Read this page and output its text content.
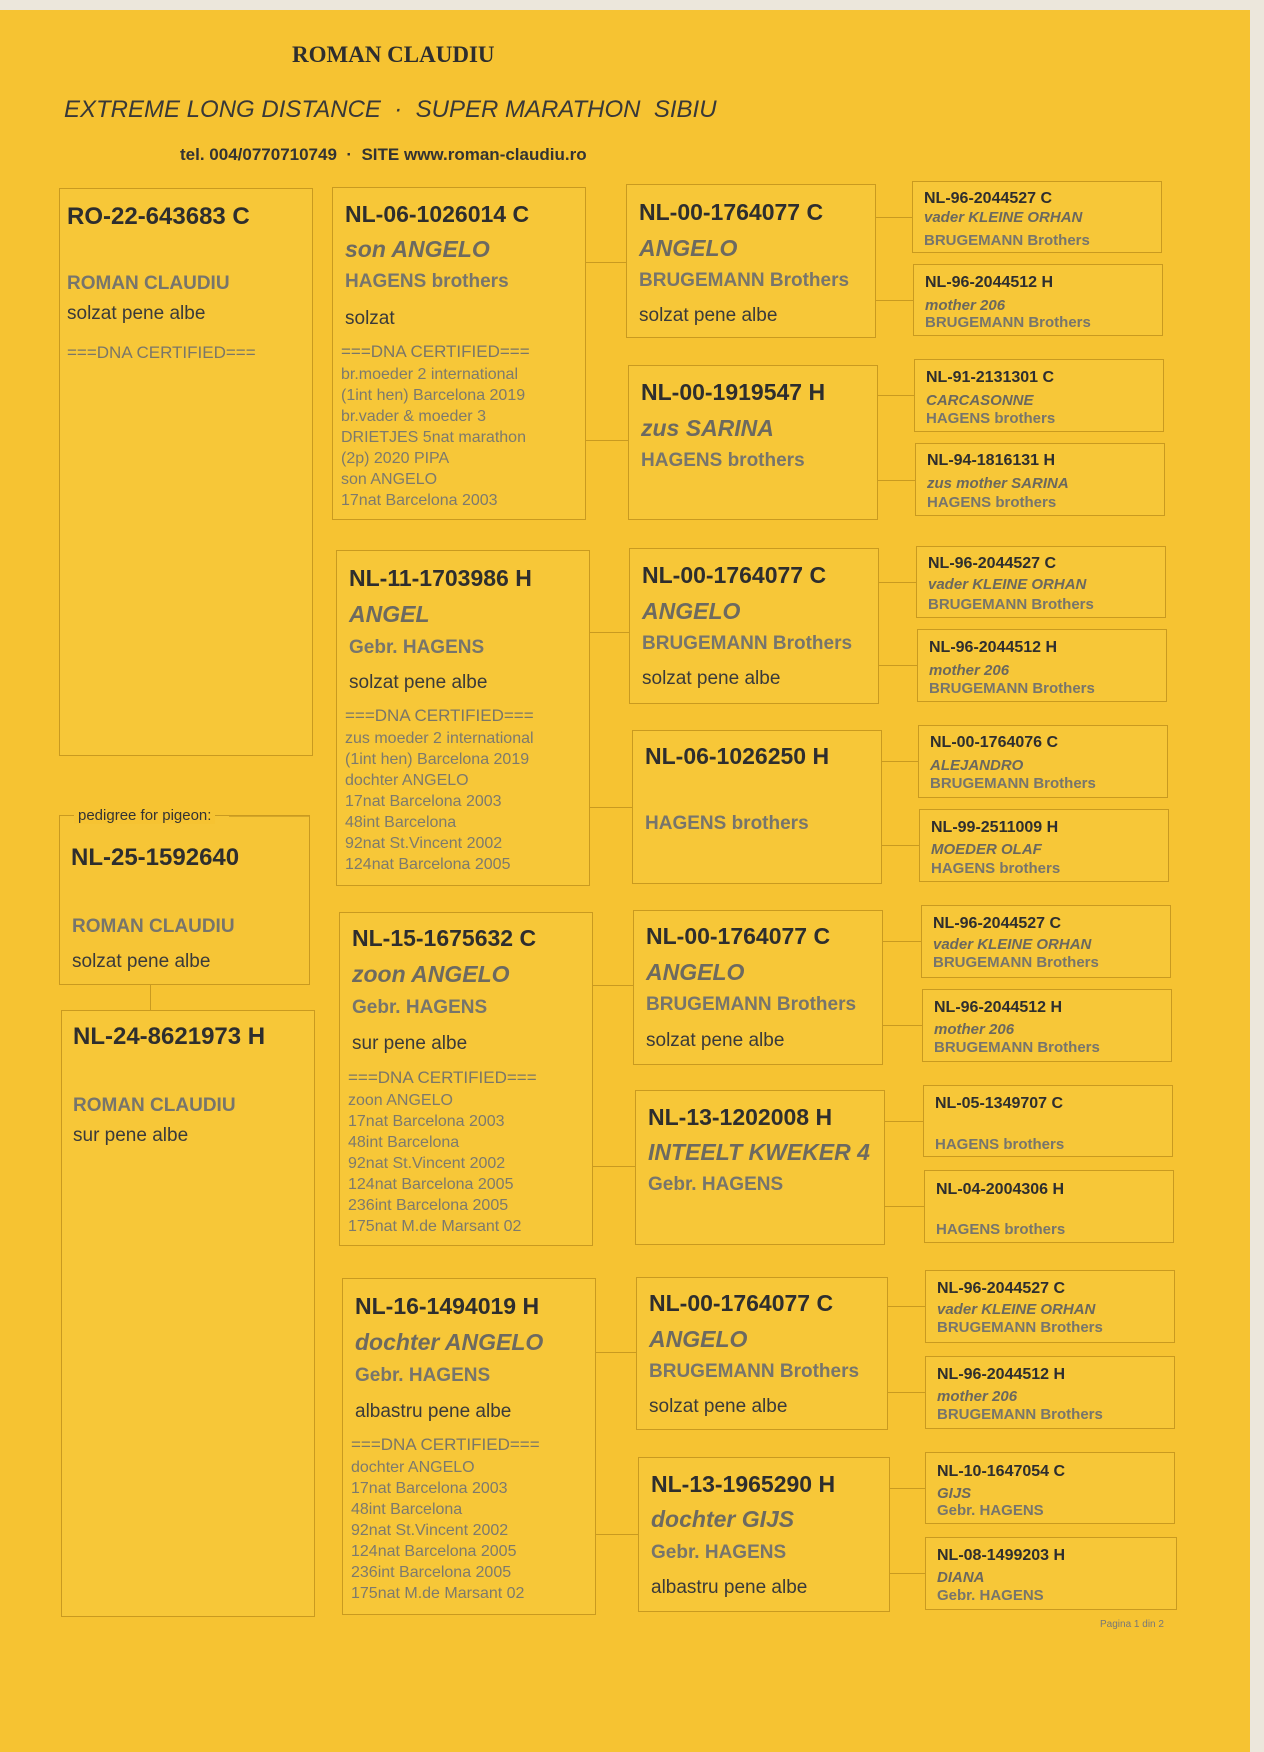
ROMAN CLAUDIU
EXTREME LONG DISTANCE  ·  SUPER MARATHON  SIBIU
tel. 004/0770710749  ·  SITE www.roman-claudiu.ro
RO-22-643683 C
ROMAN CLAUDIU
solzat pene albe
===DNA CERTIFIED===
pedigree for pigeon:
NL-25-1592640
ROMAN CLAUDIU
solzat pene albe
NL-24-8621973 H
ROMAN CLAUDIU
sur pene albe
NL-06-1026014 C
son ANGELO
HAGENS brothers
solzat
===DNA CERTIFIED===
br.moeder 2 international
(1int hen) Barcelona 2019
br.vader & moeder 3
DRIETJES 5nat marathon
(2p) 2020 PIPA
son ANGELO
17nat Barcelona 2003
NL-11-1703986 H
ANGEL
Gebr. HAGENS
solzat pene albe
===DNA CERTIFIED===
zus moeder 2 international
(1int hen) Barcelona 2019
dochter ANGELO
17nat Barcelona 2003
48int Barcelona
92nat St.Vincent 2002
124nat Barcelona 2005
NL-15-1675632 C
zoon ANGELO
Gebr. HAGENS
sur pene albe
===DNA CERTIFIED===
zoon ANGELO
17nat Barcelona 2003
48int Barcelona
92nat St.Vincent 2002
124nat Barcelona 2005
236int Barcelona 2005
175nat M.de Marsant 02
NL-16-1494019 H
dochter ANGELO
Gebr. HAGENS
albastru pene albe
===DNA CERTIFIED===
dochter ANGELO
17nat Barcelona 2003
48int Barcelona
92nat St.Vincent 2002
124nat Barcelona 2005
236int Barcelona 2005
175nat M.de Marsant 02
NL-00-1764077 C
ANGELO
BRUGEMANN Brothers
solzat pene albe
NL-00-1919547 H
zus SARINA
HAGENS brothers
NL-00-1764077 C
ANGELO
BRUGEMANN Brothers
solzat pene albe
NL-06-1026250 H
HAGENS brothers
NL-00-1764077 C
ANGELO
BRUGEMANN Brothers
solzat pene albe
NL-13-1202008 H
INTEELT KWEKER 4
Gebr. HAGENS
NL-00-1764077 C
ANGELO
BRUGEMANN Brothers
solzat pene albe
NL-13-1965290 H
dochter GIJS
Gebr. HAGENS
albastru pene albe
NL-96-2044527 C
vader KLEINE ORHAN
BRUGEMANN Brothers
NL-96-2044512 H
mother 206
BRUGEMANN Brothers
NL-91-2131301 C
CARCASONNE
HAGENS brothers
NL-94-1816131 H
zus mother SARINA
HAGENS brothers
NL-96-2044527 C
vader KLEINE ORHAN
BRUGEMANN Brothers
NL-96-2044512 H
mother 206
BRUGEMANN Brothers
NL-00-1764076 C
ALEJANDRO
BRUGEMANN Brothers
NL-99-2511009 H
MOEDER OLAF
HAGENS brothers
NL-96-2044527 C
vader KLEINE ORHAN
BRUGEMANN Brothers
NL-96-2044512 H
mother 206
BRUGEMANN Brothers
NL-05-1349707 C
HAGENS brothers
NL-04-2004306 H
HAGENS brothers
NL-96-2044527 C
vader KLEINE ORHAN
BRUGEMANN Brothers
NL-96-2044512 H
mother 206
BRUGEMANN Brothers
NL-10-1647054 C
GIJS
Gebr. HAGENS
NL-08-1499203 H
DIANA
Gebr. HAGENS
Pagina 1 din 2
